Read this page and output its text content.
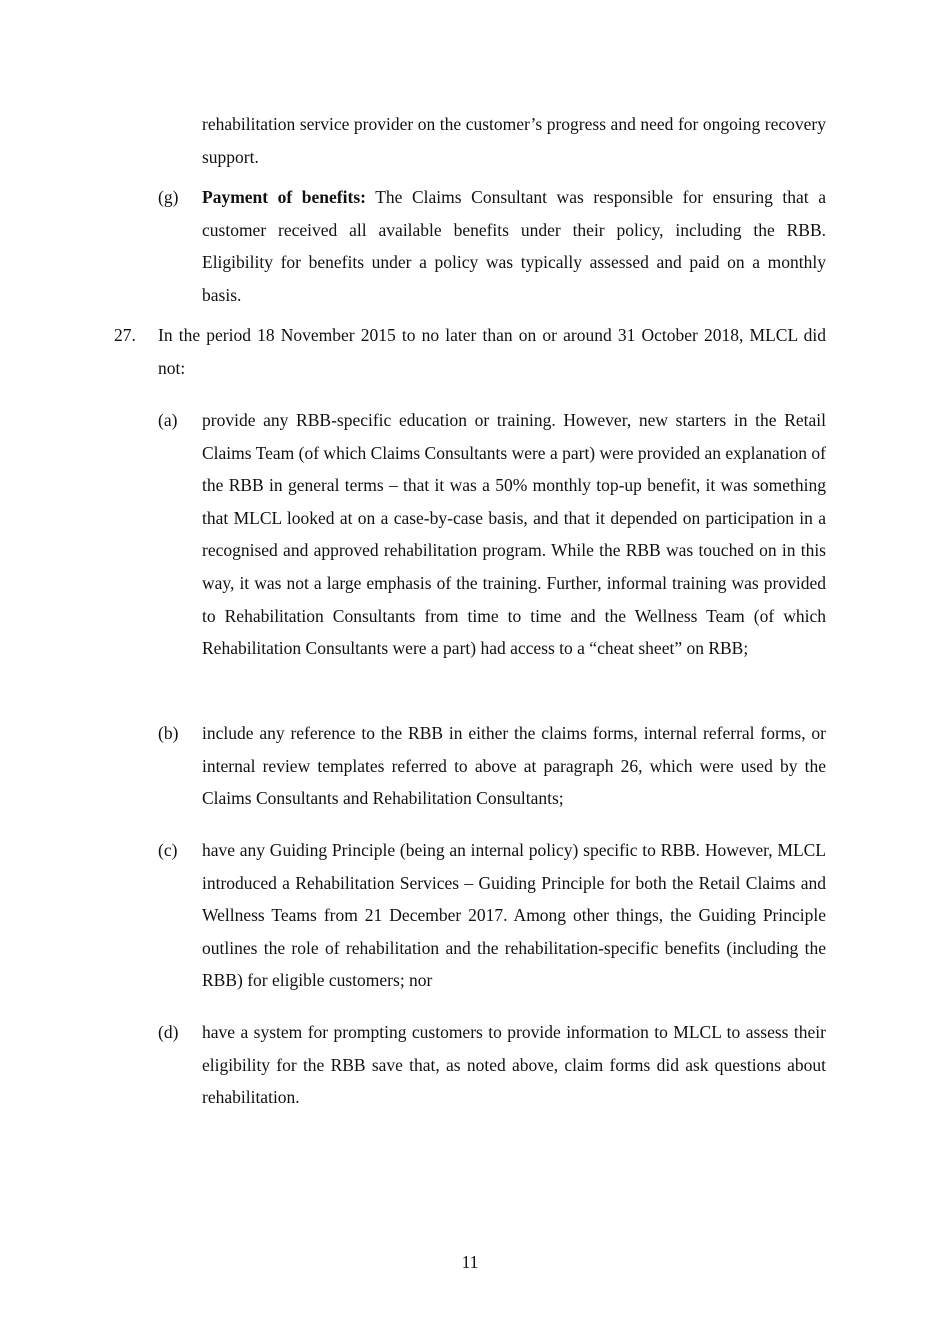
rehabilitation service provider on the customer’s progress and need for ongoing recovery support.

(g) Payment of benefits: The Claims Consultant was responsible for ensuring that a customer received all available benefits under their policy, including the RBB. Eligibility for benefits under a policy was typically assessed and paid on a monthly basis.

27. In the period 18 November 2015 to no later than on or around 31 October 2018, MLCL did not:

(a) provide any RBB-specific education or training. However, new starters in the Retail Claims Team (of which Claims Consultants were a part) were provided an explanation of the RBB in general terms – that it was a 50% monthly top-up benefit, it was something that MLCL looked at on a case-by-case basis, and that it depended on participation in a recognised and approved rehabilitation program. While the RBB was touched on in this way, it was not a large emphasis of the training. Further, informal training was provided to Rehabilitation Consultants from time to time and the Wellness Team (of which Rehabilitation Consultants were a part) had access to a “cheat sheet” on RBB;

(b) include any reference to the RBB in either the claims forms, internal referral forms, or internal review templates referred to above at paragraph 26, which were used by the Claims Consultants and Rehabilitation Consultants;

(c) have any Guiding Principle (being an internal policy) specific to RBB. However, MLCL introduced a Rehabilitation Services – Guiding Principle for both the Retail Claims and Wellness Teams from 21 December 2017. Among other things, the Guiding Principle outlines the role of rehabilitation and the rehabilitation-specific benefits (including the RBB) for eligible customers; nor

(d) have a system for prompting customers to provide information to MLCL to assess their eligibility for the RBB save that, as noted above, claim forms did ask questions about rehabilitation.

11
